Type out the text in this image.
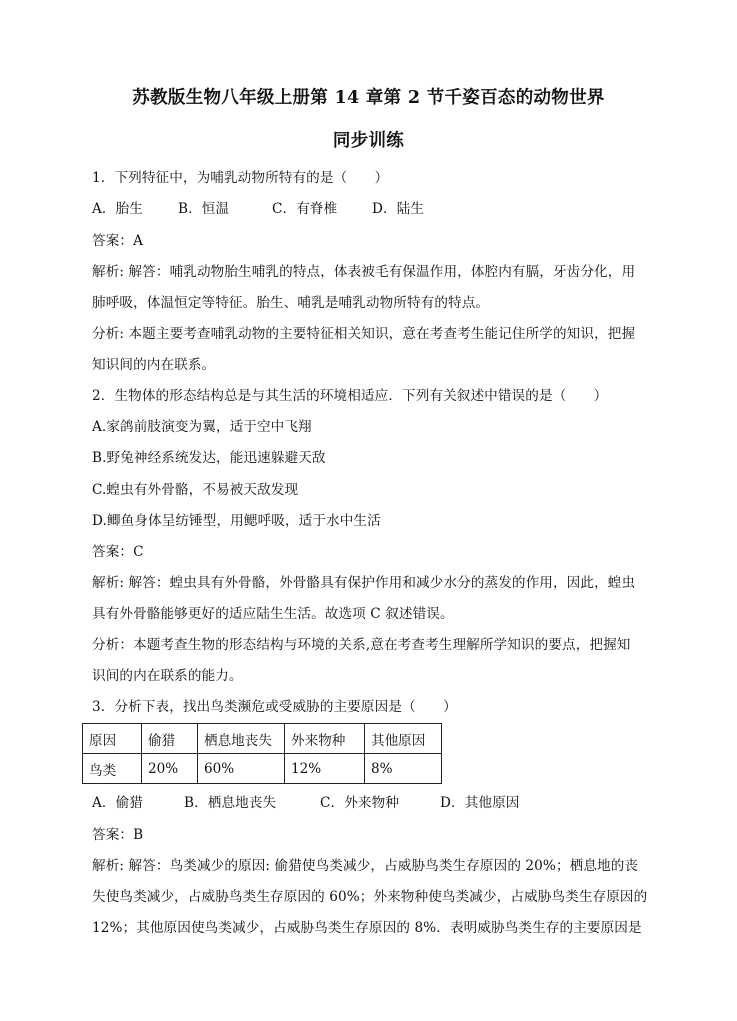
苏教版生物八年级上册第 14 章第 2 节千姿百态的动物世界
同步训练
1．下列特征中，为哺乳动物所特有的是（　　）
A．胎生	B．恒温	C．有脊椎	D．陆生
答案：A
解析: 解答：哺乳动物胎生哺乳的特点，体表被毛有保温作用，体腔内有膈，牙齿分化，用
肺呼吸，体温恒定等特征。胎生、哺乳是哺乳动物所特有的特点。
分析: 本题主要考查哺乳动物的主要特征相关知识，意在考查考生能记住所学的知识，把握
知识间的内在联系。
2．生物体的形态结构总是与其生活的环境相适应．下列有关叙述中错误的是（　　）
A.家鸽前肢演变为翼，适于空中飞翔
B.野兔神经系统发达，能迅速躲避天敌
C.蝗虫有外骨骼，不易被天敌发现
D.鲫鱼身体呈纺锤型，用鳃呼吸，适于水中生活
答案：C
解析: 解答：蝗虫具有外骨骼，外骨骼具有保护作用和减少水分的蒸发的作用，因此，蝗虫
具有外骨骼能够更好的适应陆生生活。故选项 C 叙述错误。
分析：本题考查生物的形态结构与环境的关系,意在考查考生理解所学知识的要点，把握知
识间的内在联系的能力。
3．分析下表，找出鸟类濒危或受威胁的主要原因是（　　）
原因	偷猎	栖息地丧失	外来物种	其他原因
鸟类	20%	60%	12%	8%
A．偷猎	B．栖息地丧失	C．外来物种	D．其他原因
答案：B
解析: 解答：鸟类减少的原因: 偷猎使鸟类减少，占威胁鸟类生存原因的 20%；栖息地的丧
失使鸟类减少，占威胁鸟类生存原因的 60%；外来物种使鸟类减少，占威胁鸟类生存原因的
12%；其他原因使鸟类减少，占威胁鸟类生存原因的 8%．表明威胁鸟类生存的主要原因是
